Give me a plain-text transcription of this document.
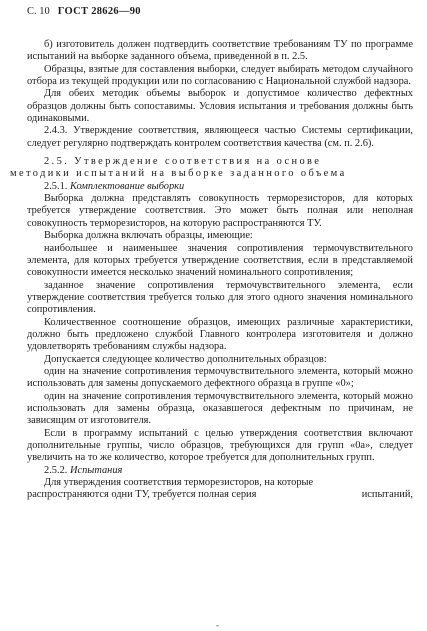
С. 10 ГОСТ 28626—90

б) изготовитель должен подтвердить соответствие требованиям ТУ по программе испытаний на выборке заданного объема, приведенной в п. 2.5.

Образцы, взятые для составления выборки, следует выбирать методом случайного отбора из текущей продукции или по согласованию с Национальной службой надзора.

Для обеих методик объемы выборок и допустимое количество дефектных образцов должны быть сопоставимы. Условия испытания и требования должны быть одинаковыми.

2.4.3. Утверждение соответствия, являющееся частью Системы сертификации, следует регулярно подтверждать контролем соответствия качества (см. п. 2.6).

2.5. Утверждение соответствия на основе
методики испытаний на выборке заданного объема
2.5.1. Комплектование выборки

Выборка должна представлять совокупность терморезисторов, для которых требуется утверждение соответствия. Это может быть полная или неполная совокупность терморезисторов, на которую распространяются ТУ.

Выборка должна включать образцы, имеющие:

наибольшее и наименьшее значения сопротивления термочувствительного элемента, для которых требуется утверждение соответствия, если в представляемой совокупности имеется несколько значений номинального сопротивления;

заданное значение сопротивления термочувствительного элемента, если утверждение соответствия требуется только для этого одного значения номинального сопротивления.

Количественное соотношение образцов, имеющих различные характеристики, должно быть предложено службой Главного контролера изготовителя и должно удовлетворять требованиям службы надзора.

Допускается следующее количество дополнительных образцов:

один на значение сопротивления термочувствительного элемента, который можно использовать для замены допускаемого дефектного образца в группе «0»;

один на значение сопротивления термочувствительного элемента, который можно использовать для замены образца, оказавшегося дефектным по причинам, не зависящим от изготовителя.

Если в программу испытаний с целью утверждения соответствия включают дополнительные группы, число образцов, требующихся для групп «0а», следует увеличить на то же количество, которое требуется для дополнительных групп.

2.5.2. Испытания

Для утверждения соответствия терморезисторов, на которые

распространяются одни ТУ, требуется полная серия	испытаний,
-
